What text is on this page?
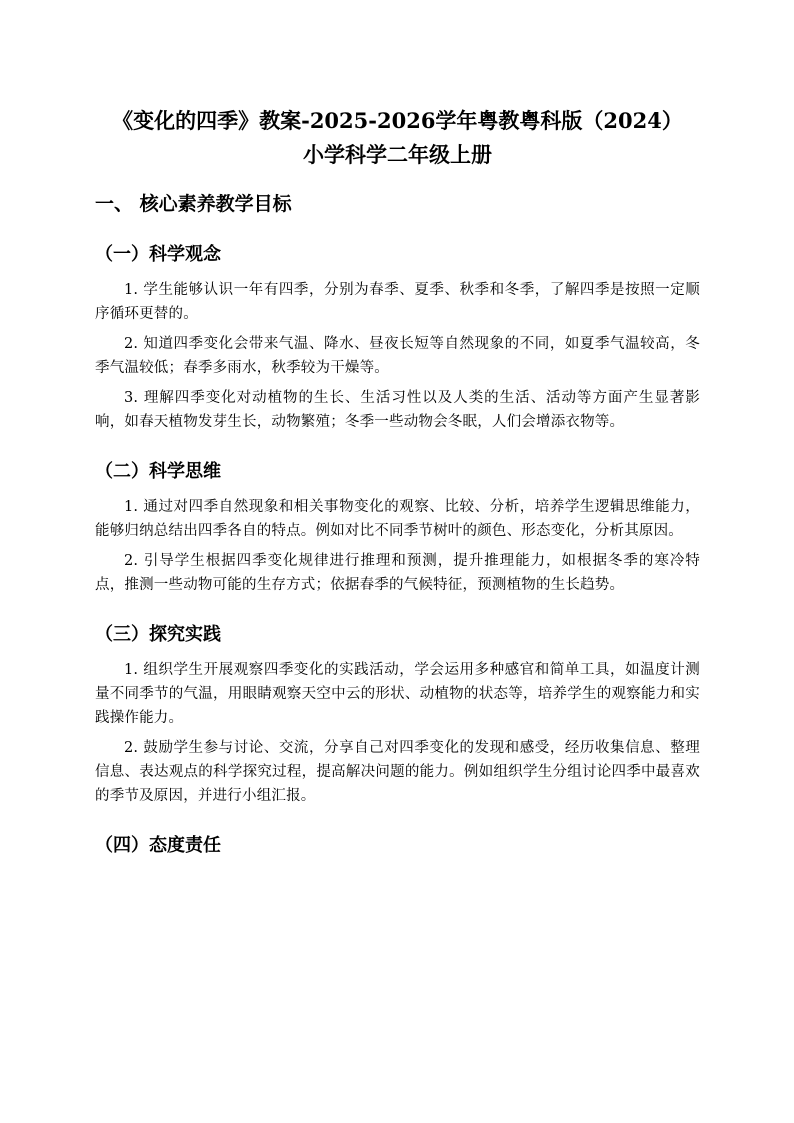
《变化的四季》教案-2025-2026学年粤教粤科版（2024）
小学科学二年级上册
一、 核心素养教学目标
（一）科学观念

1. 学生能够认识一年有四季，分别为春季、夏季、秋季和冬季，了解四季是按照一定顺序循环更替的。

2. 知道四季变化会带来气温、降水、昼夜长短等自然现象的不同，如夏季气温较高，冬季气温较低；春季多雨水，秋季较为干燥等。

3. 理解四季变化对动植物的生长、生活习性以及人类的生活、活动等方面产生显著影响，如春天植物发芽生长，动物繁殖；冬季一些动物会冬眠，人们会增添衣物等。

（二）科学思维

1. 通过对四季自然现象和相关事物变化的观察、比较、分析，培养学生逻辑思维能力，能够归纳总结出四季各自的特点。例如对比不同季节树叶的颜色、形态变化，分析其原因。

2. 引导学生根据四季变化规律进行推理和预测，提升推理能力，如根据冬季的寒冷特点，推测一些动物可能的生存方式；依据春季的气候特征，预测植物的生长趋势。

（三）探究实践

1. 组织学生开展观察四季变化的实践活动，学会运用多种感官和简单工具，如温度计测量不同季节的气温，用眼睛观察天空中云的形状、动植物的状态等，培养学生的观察能力和实践操作能力。

2. 鼓励学生参与讨论、交流，分享自己对四季变化的发现和感受，经历收集信息、整理信息、表达观点的科学探究过程，提高解决问题的能力。例如组织学生分组讨论四季中最喜欢的季节及原因，并进行小组汇报。

（四）态度责任
